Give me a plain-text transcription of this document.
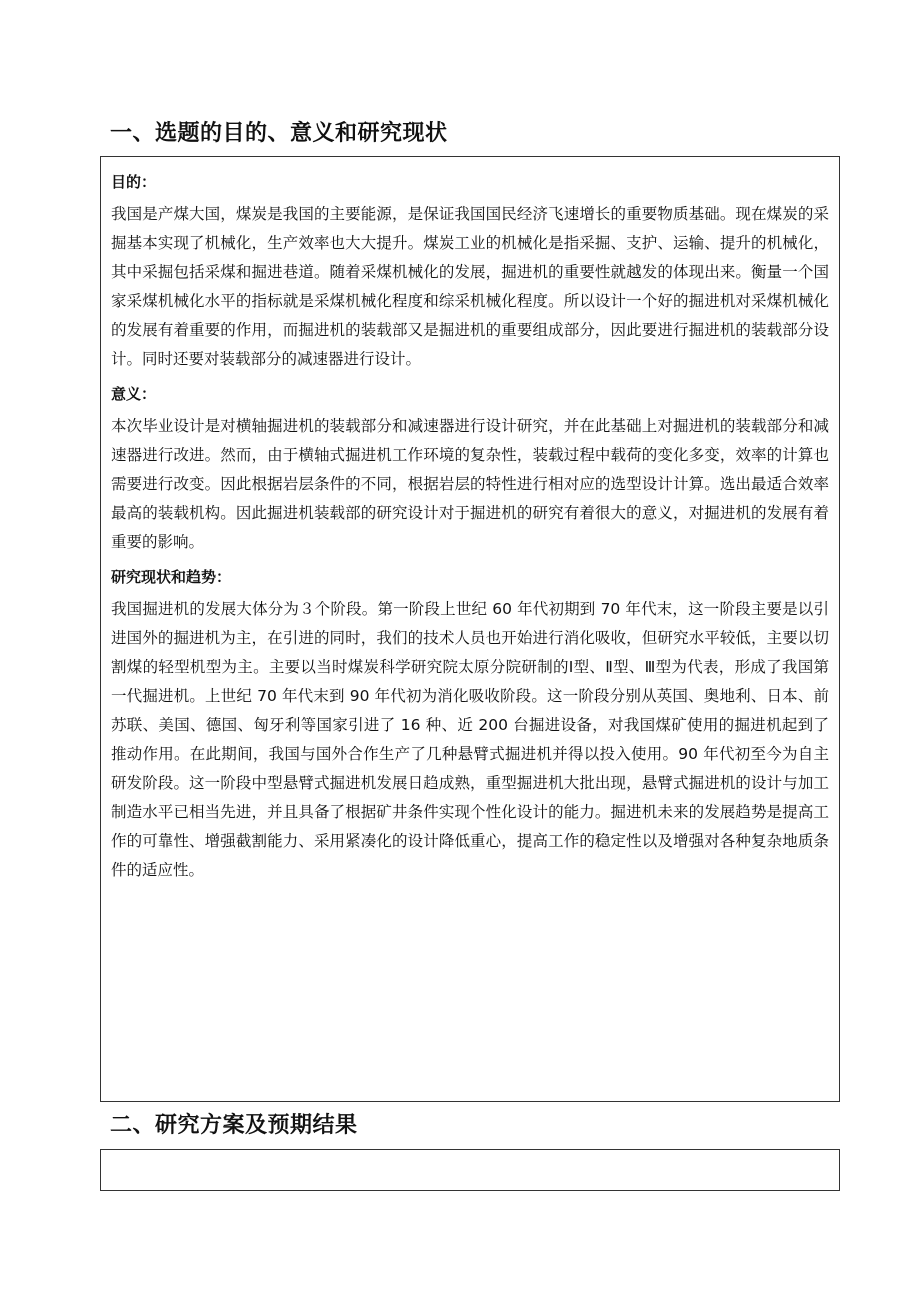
一、选题的目的、意义和研究现状

目的：

我国是产煤大国，煤炭是我国的主要能源，是保证我国国民经济飞速增长的重要物质基础。现在煤炭的采掘基本实现了机械化，生产效率也大大提升。煤炭工业的机械化是指采掘、支护、运输、提升的机械化，其中采掘包括采煤和掘进巷道。随着采煤机械化的发展，掘进机的重要性就越发的体现出来。衡量一个国家采煤机械化水平的指标就是采煤机械化程度和综采机械化程度。所以设计一个好的掘进机对采煤机械化的发展有着重要的作用，而掘进机的装载部又是掘进机的重要组成部分，因此要进行掘进机的装载部分设计。同时还要对装载部分的减速器进行设计。

意义：

本次毕业设计是对横轴掘进机的装载部分和减速器进行设计研究，并在此基础上对掘进机的装载部分和减速器进行改进。然而，由于横轴式掘进机工作环境的复杂性，装载过程中载荷的变化多变，效率的计算也需要进行改变。因此根据岩层条件的不同，根据岩层的特性进行相对应的选型设计计算。选出最适合效率最高的装载机构。因此掘进机装载部的研究设计对于掘进机的研究有着很大的意义，对掘进机的发展有着重要的影响。

研究现状和趋势：

我国掘进机的发展大体分为３个阶段。第一阶段上世纪 60 年代初期到 70 年代末，这一阶段主要是以引进国外的掘进机为主，在引进的同时，我们的技术人员也开始进行消化吸收，但研究水平较低，主要以切割煤的轻型机型为主。主要以当时煤炭科学研究院太原分院研制的Ⅰ型、Ⅱ型、Ⅲ型为代表，形成了我国第一代掘进机。上世纪 70 年代末到 90 年代初为消化吸收阶段。这一阶段分别从英国、奥地利、日本、前苏联、美国、德国、匈牙利等国家引进了 16 种、近 200 台掘进设备，对我国煤矿使用的掘进机起到了推动作用。在此期间，我国与国外合作生产了几种悬臂式掘进机并得以投入使用。90 年代初至今为自主研发阶段。这一阶段中型悬臂式掘进机发展日趋成熟，重型掘进机大批出现，悬臂式掘进机的设计与加工制造水平已相当先进，并且具备了根据矿井条件实现个性化设计的能力。掘进机未来的发展趋势是提高工作的可靠性、增强截割能力、采用紧凑化的设计降低重心，提高工作的稳定性以及增强对各种复杂地质条件的适应性。

二、研究方案及预期结果
